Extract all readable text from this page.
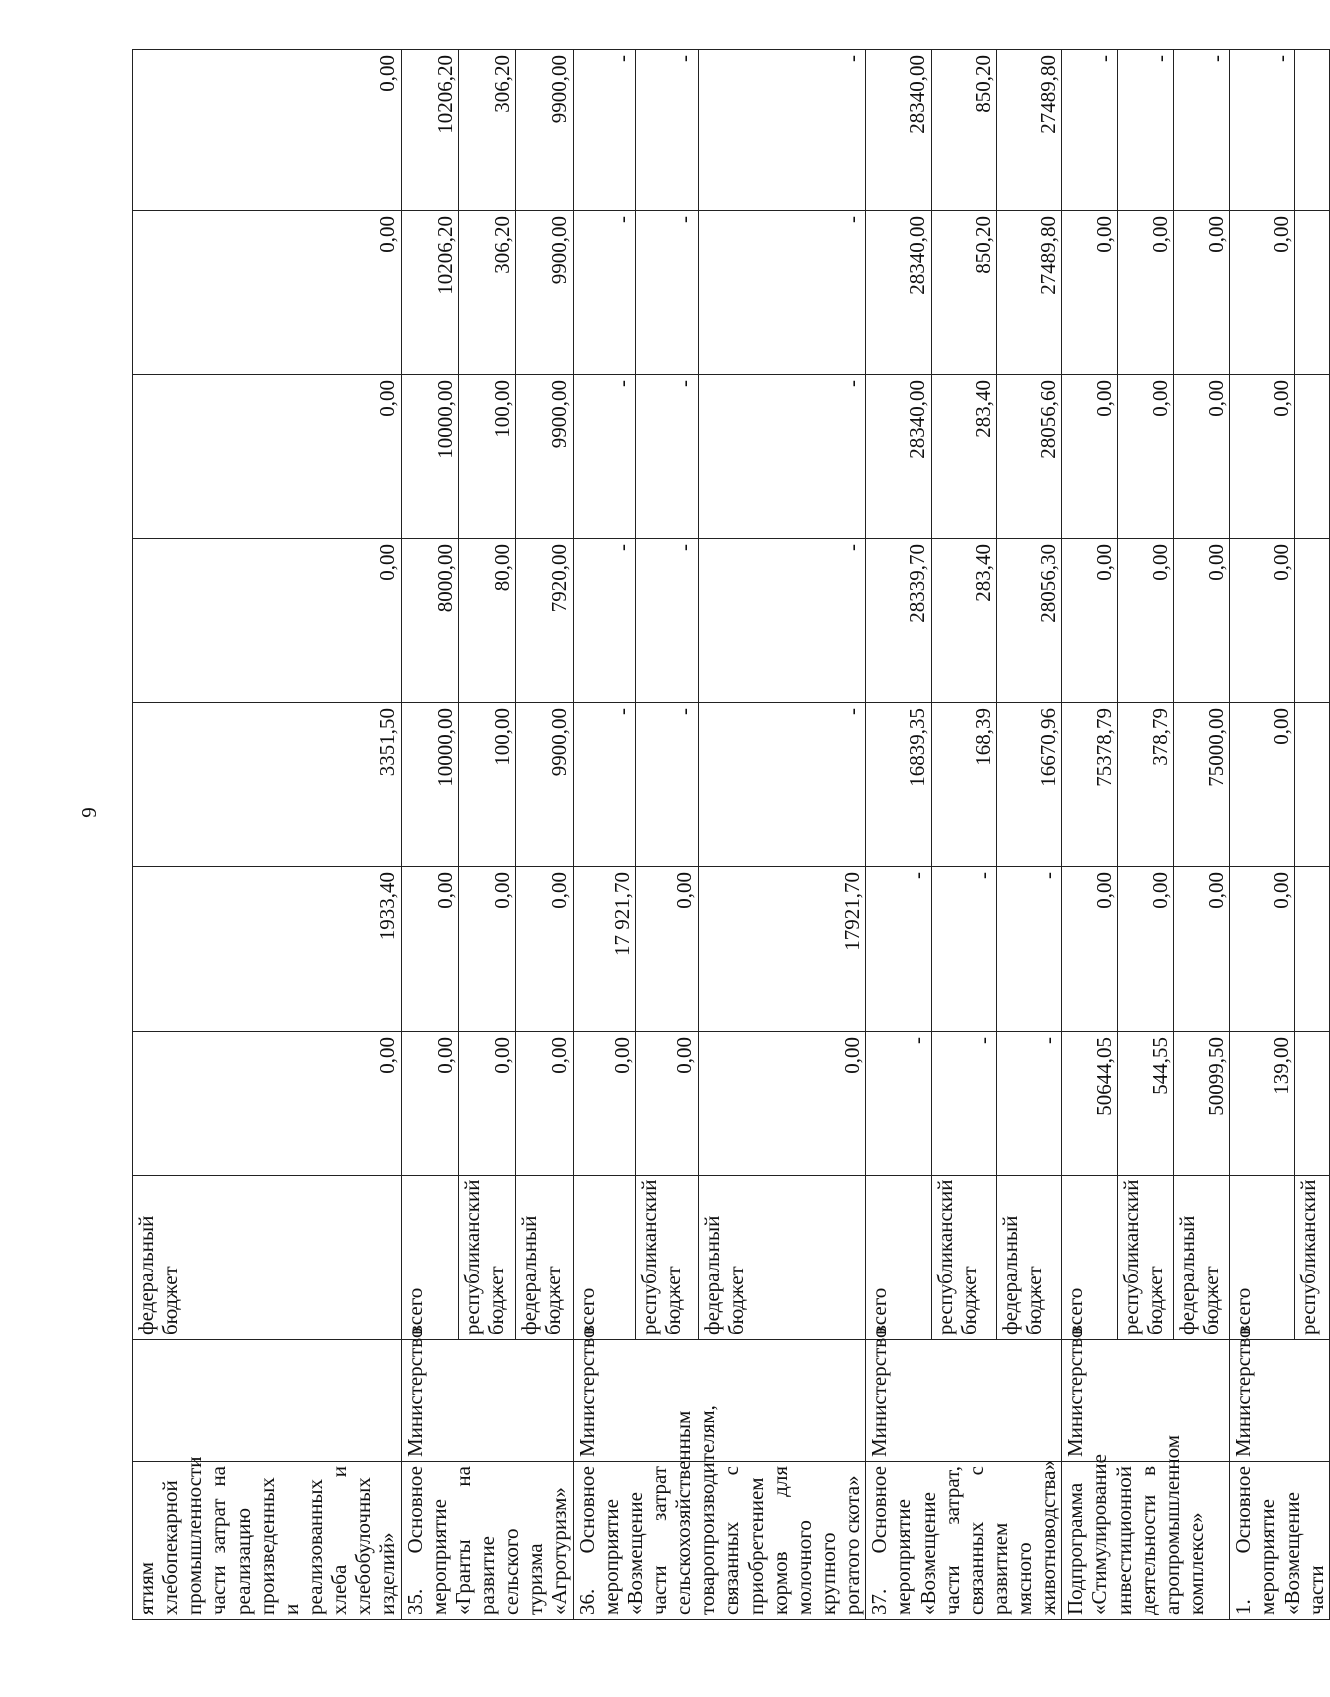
9
ятиям хлебопекарной промышленности части затрат на реализацию произведенных и реализованных хлеба и хлебобулочных изделий»		федеральный бюджет	0,00	1933,40	3351,50	0,00	0,00	0,00	0,00
35. Основное мероприятие «Гранты на развитие сельского туризма «Агротуризм»	Министерство	всего	0,00	0,00	10000,00	8000,00	10000,00	10206,20	10206,20
		республиканский бюджет	0,00	0,00	100,00	80,00	100,00	306,20	306,20
		федеральный бюджет	0,00	0,00	9900,00	7920,00	9900,00	9900,00	9900,00
36. Основное мероприятие «Возмещение части затрат сельскохозяйственным товаропроизводителям, связанных с приобретением кормов для молочного крупного рогатого скота»	Министерство	всего	0,00	17 921,70	-	-	-	-	-
		республиканский бюджет	0,00	0,00	-	-	-	-	-
		федеральный бюджет	0,00	17921,70	-	-	-	-	-
37. Основное мероприятие «Возмещение части затрат, связанных с развитием мясного животноводства»	Министерство	всего	-	-	16839,35	28339,70	28340,00	28340,00	28340,00
		республиканский бюджет	-	-	168,39	283,40	283,40	850,20	850,20
		федеральный бюджет	-	-	16670,96	28056,30	28056,60	27489,80	27489,80
Подпрограмма «Стимулирование инвестиционной деятельности в агропромышленном комплексе»	Министерство	всего	50644,05	0,00	75378,79	0,00	0,00	0,00	-
		республиканский бюджет	544,55	0,00	378,79	0,00	0,00	0,00	-
		федеральный бюджет	50099,50	0,00	75000,00	0,00	0,00	0,00	-
1. Основное мероприятие «Возмещение части	Министерство	всего	139,00	0,00	0,00	0,00	0,00	0,00	-
		республиканский							
